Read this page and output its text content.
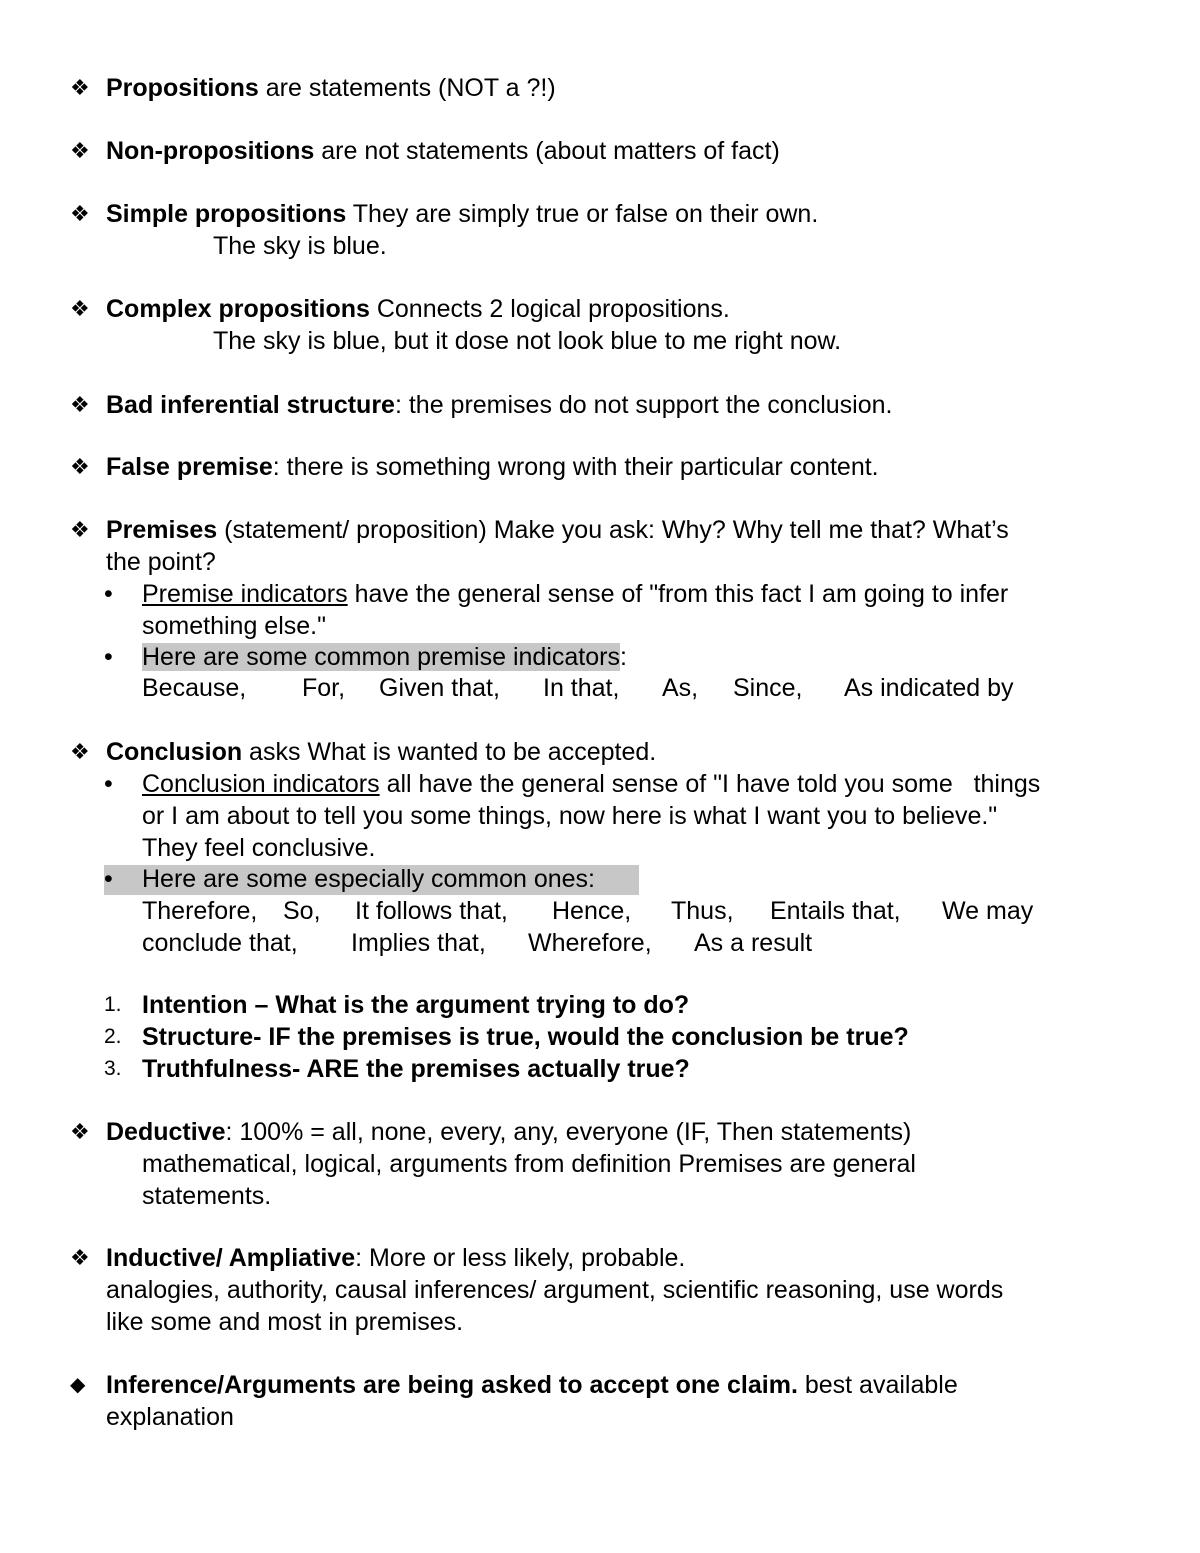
❖ Propositions are statements (NOT a ?!)
❖ Non-propositions are not statements (about matters of fact)
❖ Simple propositions They are simply true or false on their own.
The sky is blue.
❖ Complex propositions Connects 2 logical propositions.
The sky is blue, but it dose not look blue to me right now.
❖ Bad inferential structure: the premises do not support the conclusion.
❖ False premise: there is something wrong with their particular content.
❖ Premises (statement/ proposition) Make you ask: Why? Why tell me that? What’s
the point?
• Premise indicators have the general sense of "from this fact I am going to infer
something else."
• Here are some common premise indicators:
Because, For, Given that, In that, As, Since, As indicated by
❖ Conclusion asks What is wanted to be accepted.
• Conclusion indicators all have the general sense of "I have told you some   things
or I am about to tell you some things, now here is what I want you to believe."
They feel conclusive.
• Here are some especially common ones:
Therefore, So, It follows that, Hence, Thus, Entails that, We may
conclude that, Implies that, Wherefore, As a result
1. Intention – What is the argument trying to do?
2. Structure- IF the premises is true, would the conclusion be true?
3. Truthfulness- ARE the premises actually true?
❖ Deductive: 100% = all, none, every, any, everyone (IF, Then statements)
mathematical, logical, arguments from definition Premises are general
statements.
❖ Inductive/ Ampliative: More or less likely, probable.
analogies, authority, causal inferences/ argument, scientific reasoning, use words
like some and most in premises.
◆ Inference/Arguments are being asked to accept one claim. best available
explanation
